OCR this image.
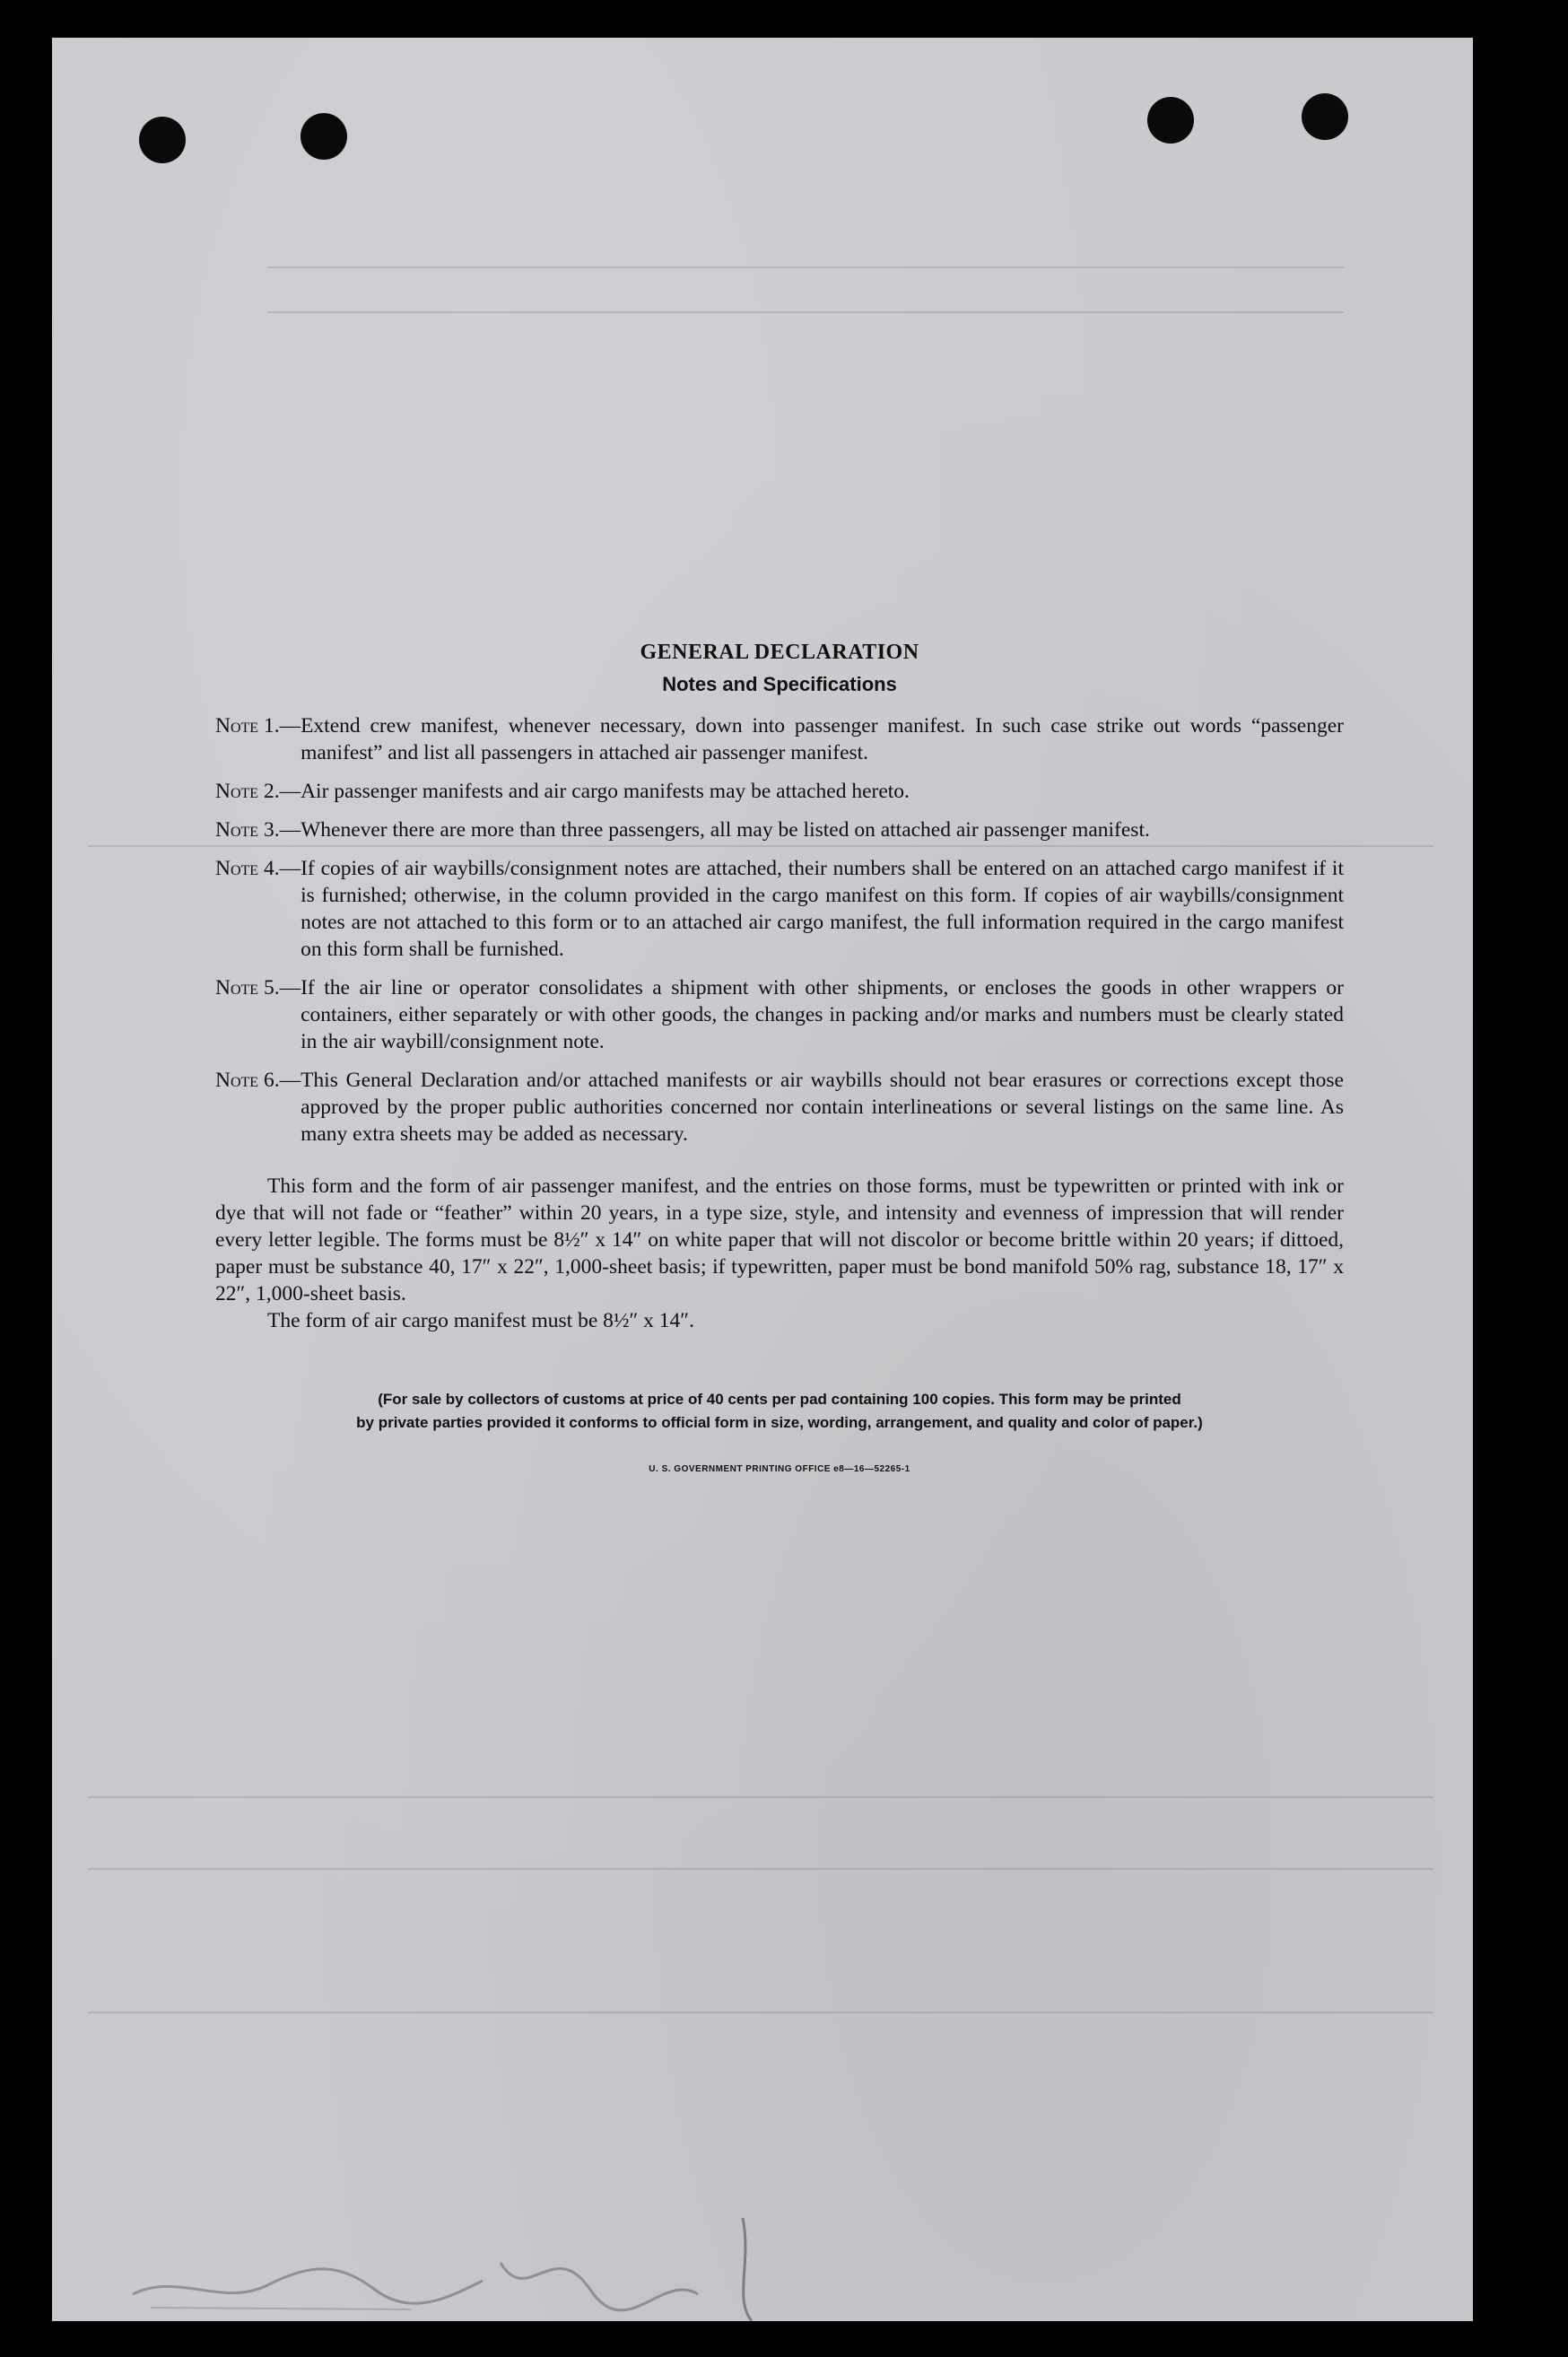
GENERAL DECLARATION
Notes and Specifications
Note 1. — Extend crew manifest, whenever necessary, down into passenger manifest. In such case strike out words “passenger manifest” and list all passengers in attached air passenger manifest.
Note 2. — Air passenger manifests and air cargo manifests may be attached hereto.
Note 3. — Whenever there are more than three passengers, all may be listed on attached air passenger manifest.
Note 4. — If copies of air waybills/consignment notes are attached, their numbers shall be entered on an attached cargo manifest if it is furnished; otherwise, in the column provided in the cargo manifest on this form. If copies of air waybills/consignment notes are not attached to this form or to an attached air cargo manifest, the full information required in the cargo manifest on this form shall be furnished.
Note 5. — If the air line or operator consolidates a shipment with other shipments, or encloses the goods in other wrappers or containers, either separately or with other goods, the changes in packing and/or marks and numbers must be clearly stated in the air waybill/consignment note.
Note 6. — This General Declaration and/or attached manifests or air waybills should not bear erasures or corrections except those approved by the proper public authorities concerned nor contain interlineations or several listings on the same line. As many extra sheets may be added as necessary.

This form and the form of air passenger manifest, and the entries on those forms, must be typewritten or printed with ink or dye that will not fade or “feather” within 20 years, in a type size, style, and intensity and evenness of impression that will render every letter legible. The forms must be 8½″ x 14″ on white paper that will not discolor or become brittle within 20 years; if dittoed, paper must be substance 40, 17″ x 22″, 1,000-sheet basis; if typewritten, paper must be bond manifold 50% rag, substance 18, 17″ x 22″, 1,000-sheet basis.

The form of air cargo manifest must be 8½″ x 14″.

(For sale by collectors of customs at price of 40 cents per pad containing 100 copies. This form may be printed
by private parties provided it conforms to official form in size, wording, arrangement, and quality and color of paper.)
U. S. GOVERNMENT PRINTING OFFICE e8—16—52265-1
